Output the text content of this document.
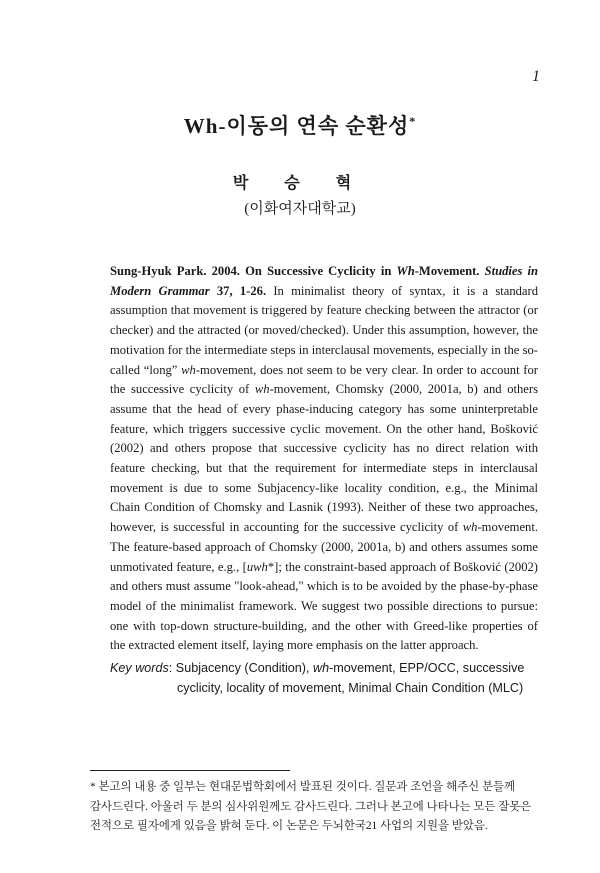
1
Wh-이동의 연속 순환성*
박 승 혁
(이화여자대학교)
Sung-Hyuk Park. 2004. On Successive Cyclicity in Wh-Movement. Studies in Modern Grammar 37, 1-26. In minimalist theory of syntax, it is a standard assumption that movement is triggered by feature checking between the attractor (or checker) and the attracted (or moved/checked). Under this assumption, however, the motivation for the intermediate steps in interclausal movements, especially in the so-called “long” wh-movement, does not seem to be very clear. In order to account for the successive cyclicity of wh-movement, Chomsky (2000, 2001a, b) and others assume that the head of every phase-inducing category has some uninterpretable feature, which triggers successive cyclic movement. On the other hand, Bošković (2002) and others propose that successive cyclicity has no direct relation with feature checking, but that the requirement for intermediate steps in interclausal movement is due to some Subjacency-like locality condition, e.g., the Minimal Chain Condition of Chomsky and Lasnik (1993). Neither of these two approaches, however, is successful in accounting for the successive cyclicity of wh-movement. The feature-based approach of Chomsky (2000, 2001a, b) and others assumes some unmotivated feature, e.g., [uwh*]; the constraint-based approach of Bošković (2002) and others must assume "look-ahead," which is to be avoided by the phase-by-phase model of the minimalist framework. We suggest two possible directions to pursue: one with top-down structure-building, and the other with Greed-like properties of the extracted element itself, laying more emphasis on the latter approach.
Key words: Subjacency (Condition), wh-movement, EPP/OCC, successive
cyclicity, locality of movement, Minimal Chain Condition (MLC)
* 본고의 내용 중 일부는 현대문법학회에서 발표된 것이다. 질문과 조언을 해주신 분들께
감사드린다. 아울러 두 분의 심사위원께도 감사드린다. 그러나 본고에 나타나는 모든 잘못은
전적으로 필자에게 있음을 밝혀 둔다. 이 논문은 두뇌한국21 사업의 지원을 받았음.
